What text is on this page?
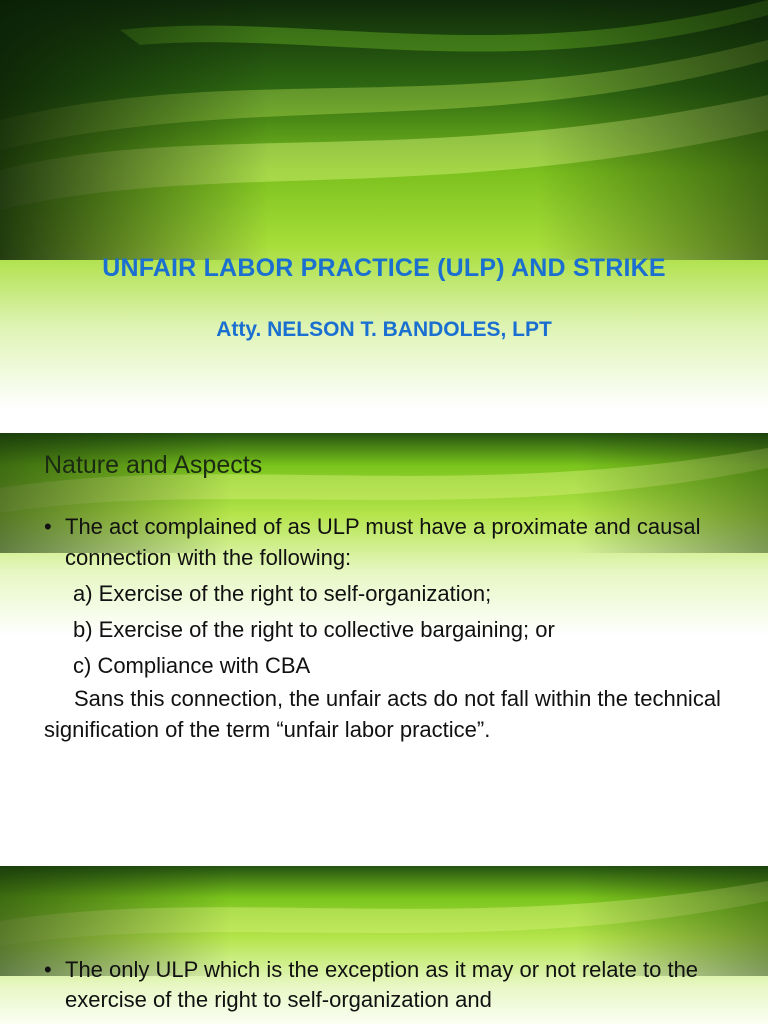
UNFAIR LABOR PRACTICE (ULP) AND STRIKE
Atty. NELSON T. BANDOLES, LPT
Nature and Aspects
• The act complained of as ULP must have a proximate and causal connection with the following:
a) Exercise of the right to self-organization;
b) Exercise of the right to collective bargaining; or
c) Compliance with CBA
Sans this connection, the unfair acts do not fall within the technical signification of the term “unfair labor practice”.
• The only ULP which is the exception as it may or not relate to the exercise of the right to self-organization and
